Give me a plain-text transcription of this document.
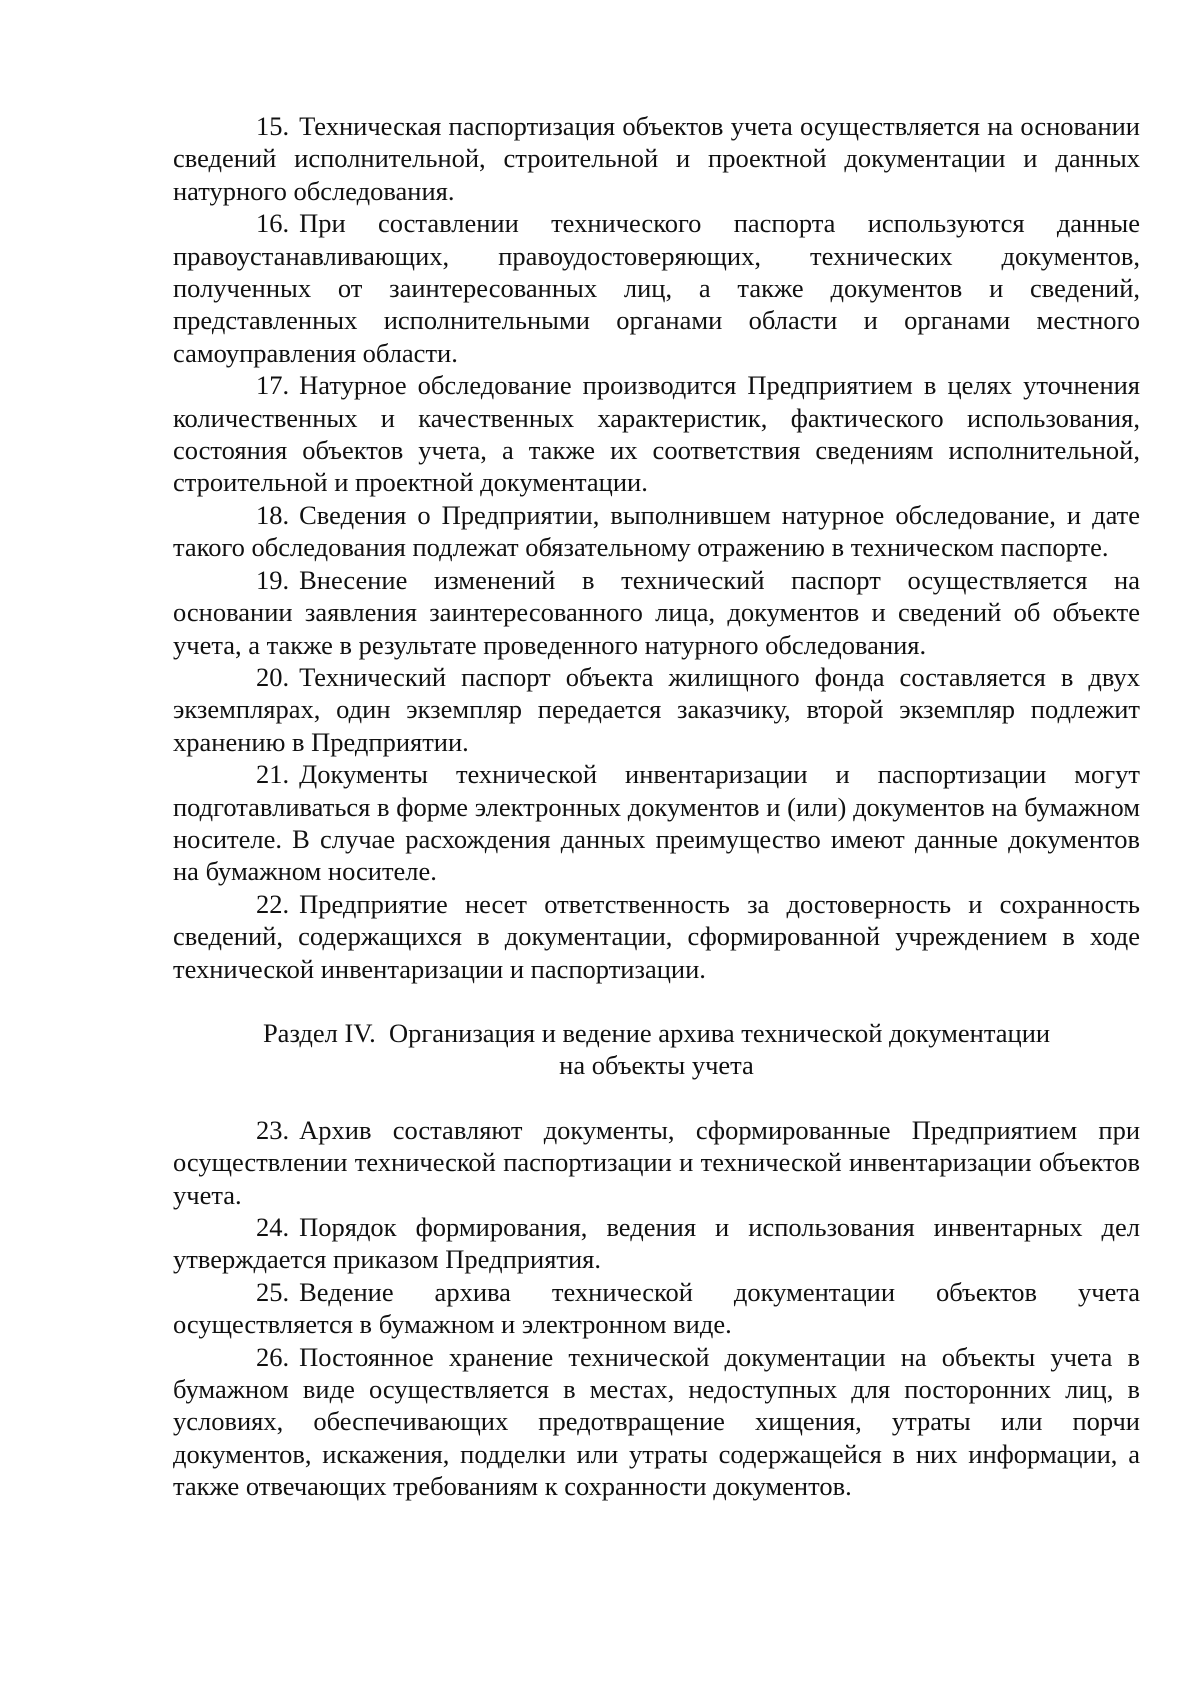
15. Техническая паспортизация объектов учета осуществляется на основании сведений исполнительной, строительной и проектной документации и данных натурного обследования.

16. При составлении технического паспорта используются данные правоустанавливающих, правоудостоверяющих, технических документов, полученных от заинтересованных лиц, а также документов и сведений, представленных исполнительными органами области и органами местного самоуправления области.

17. Натурное обследование производится Предприятием в целях уточнения количественных и качественных характеристик, фактического использования, состояния объектов учета, а также их соответствия сведениям исполнительной, строительной и проектной документации.

18. Сведения о Предприятии, выполнившем натурное обследование, и дате такого обследования подлежат обязательному отражению в техническом паспорте.

19. Внесение изменений в технический паспорт осуществляется на основании заявления заинтересованного лица, документов и сведений об объекте учета, а также в результате проведенного натурного обследования.

20. Технический паспорт объекта жилищного фонда составляется в двух экземплярах, один экземпляр передается заказчику, второй экземпляр подлежит хранению в Предприятии.

21. Документы технической инвентаризации и паспортизации могут подготавливаться в форме электронных документов и (или) документов на бумажном носителе. В случае расхождения данных преимущество имеют данные документов на бумажном носителе.

22. Предприятие несет ответственность за достоверность и сохранность сведений, содержащихся в документации, сформированной учреждением в ходе технической инвентаризации и паспортизации.

Раздел IV.  Организация и ведение архива технической документации
на объекты учета

23. Архив составляют документы, сформированные Предприятием при осуществлении технической паспортизации и технической инвентаризации объектов учета.

24. Порядок формирования, ведения и использования инвентарных дел утверждается приказом Предприятия.

25. Ведение архива технической документации объектов учета осуществляется в бумажном и электронном виде.

26. Постоянное хранение технической документации на объекты учета в бумажном виде осуществляется в местах, недоступных для посторонних лиц, в условиях, обеспечивающих предотвращение хищения, утраты или порчи документов, искажения, подделки или утраты содержащейся в них информации, а также отвечающих требованиям к сохранности документов.
